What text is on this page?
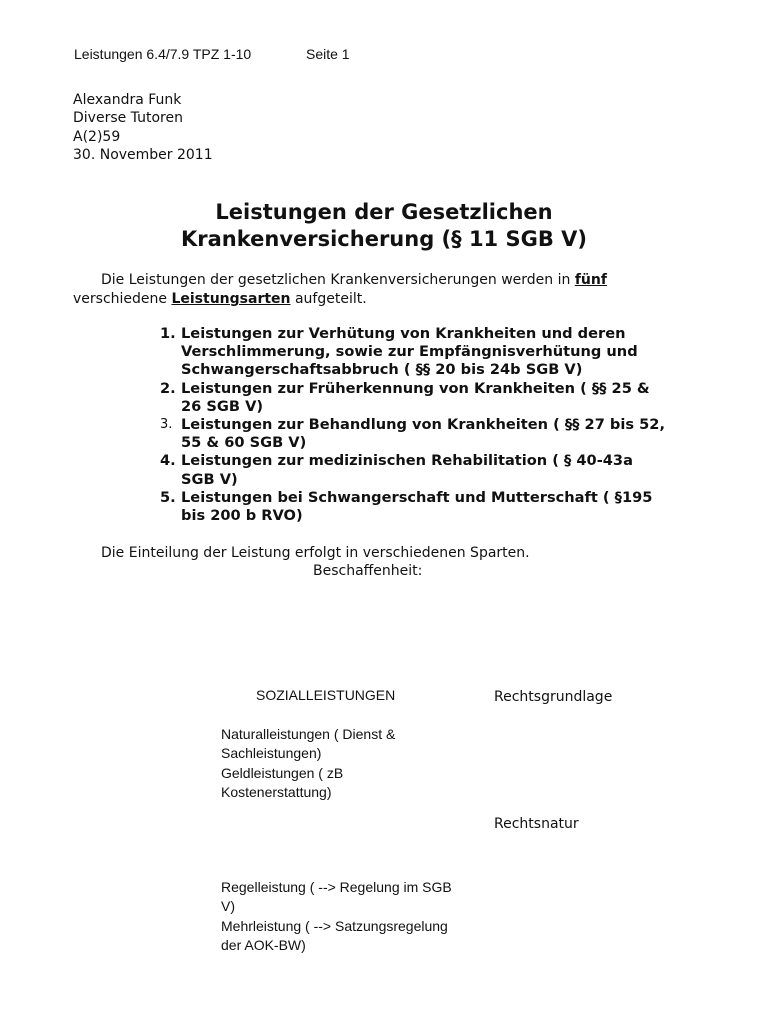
Leistungen 6.4/7.9 TPZ 1-10	Seite 1
Alexandra Funk
Diverse Tutoren
A(2)59
30. November 2011
Leistungen der Gesetzlichen
Krankenversicherung (§ 11 SGB V)
Die Leistungen der gesetzlichen Krankenversicherungen werden in fünf
verschiedene Leistungsarten aufgeteilt.
1. Leistungen zur Verhütung von Krankheiten und deren
Verschlimmerung, sowie zur Empfängnisverhütung und
Schwangerschaftsabbruch ( §§ 20 bis 24b SGB V)
2. Leistungen zur Früherkennung von Krankheiten ( §§ 25 &
26 SGB V)
3. Leistungen zur Behandlung von Krankheiten ( §§ 27 bis 52,
55 & 60 SGB V)
4. Leistungen zur medizinischen Rehabilitation ( § 40-43a
SGB V)
5. Leistungen bei Schwangerschaft und Mutterschaft ( §195
bis 200 b RVO)
Die Einteilung der Leistung erfolgt in verschiedenen Sparten.
Beschaffenheit:
SOZIALLEISTUNGEN	Rechtsgrundlage
Naturalleistungen ( Dienst &
Sachleistungen)
Geldleistungen ( zB
Kostenerstattung)
Rechtsnatur
Regelleistung ( --> Regelung im SGB
V)
Mehrleistung ( --> Satzungsregelung
der AOK-BW)
